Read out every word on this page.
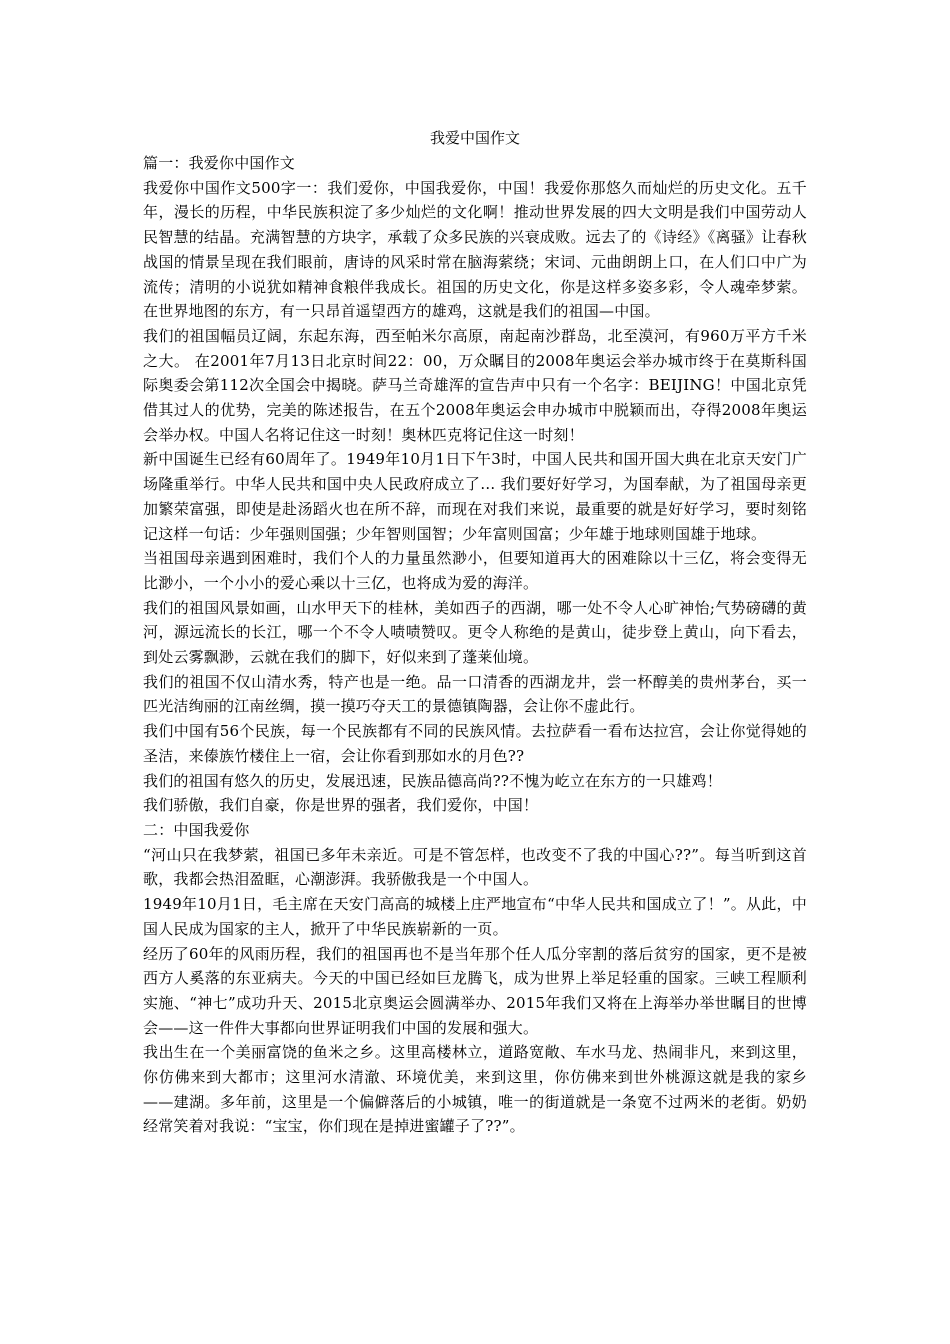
我爱中国作文

篇一：我爱你中国作文

我爱你中国作文500字一：我们爱你，中国我爱你，中国！我爱你那悠久而灿烂的历史文化。五千年，漫长的历程，中华民族积淀了多少灿烂的文化啊！推动世界发展的四大文明是我们中国劳动人民智慧的结晶。充满智慧的方块字，承载了众多民族的兴衰成败。远去了的《诗经》《离骚》让春秋战国的情景呈现在我们眼前，唐诗的风采时常在脑海萦绕；宋词、元曲朗朗上口，在人们口中广为流传；清明的小说犹如精神食粮伴我成长。祖国的历史文化，你是这样多姿多彩，令人魂牵梦萦。 在世界地图的东方，有一只昂首遥望西方的雄鸡，这就是我们的祖国—中国。

我们的祖国幅员辽阔，东起东海，西至帕米尔高原，南起南沙群岛，北至漠河，有960万平方千米之大。 在2001年7月13日北京时间22：00，万众瞩目的2008年奥运会举办城市终于在莫斯科国际奥委会第112次全国会中揭晓。萨马兰奇雄浑的宣告声中只有一个名字：BEIJING！中国北京凭借其过人的优势，完美的陈述报告，在五个2008年奥运会申办城市中脱颖而出，夺得2008年奥运会举办权。中国人名将记住这一时刻！奥林匹克将记住这一时刻！

新中国诞生已经有60周年了。1949年10月1日下午3时，中国人民共和国开国大典在北京天安门广场隆重举行。中华人民共和国中央人民政府成立了… 我们要好好学习，为国奉献，为了祖国母亲更加繁荣富强，即使是赴汤蹈火也在所不辞，而现在对我们来说，最重要的就是好好学习，要时刻铭记这样一句话：少年强则国强；少年智则国智；少年富则国富；少年雄于地球则国雄于地球。

当祖国母亲遇到困难时，我们个人的力量虽然渺小，但要知道再大的困难除以十三亿，将会变得无比渺小，一个小小的爱心乘以十三亿，也将成为爱的海洋。

我们的祖国风景如画，山水甲天下的桂林，美如西子的西湖，哪一处不令人心旷神怡;气势磅礴的黄河，源远流长的长江，哪一个不令人啧啧赞叹。更令人称绝的是黄山，徒步登上黄山，向下看去，到处云雾飘渺，云就在我们的脚下，好似来到了蓬莱仙境。

我们的祖国不仅山清水秀，特产也是一绝。品一口清香的西湖龙井，尝一杯醇美的贵州茅台，买一匹光洁绚丽的江南丝绸，摸一摸巧夺天工的景德镇陶器，会让你不虚此行。

我们中国有56个民族，每一个民族都有不同的民族风情。去拉萨看一看布达拉宫，会让你觉得她的圣洁，来傣族竹楼住上一宿，会让你看到那如水的月色??

我们的祖国有悠久的历史，发展迅速，民族品德高尚??不愧为屹立在东方的一只雄鸡！

我们骄傲，我们自豪，你是世界的强者，我们爱你，中国！

二：中国我爱你

“河山只在我梦萦，祖国已多年未亲近。可是不管怎样，也改变不了我的中国心??”。每当听到这首歌，我都会热泪盈眶，心潮澎湃。我骄傲我是一个中国人。

1949年10月1日，毛主席在天安门高高的城楼上庄严地宣布“中华人民共和国成立了！”。从此，中国人民成为国家的主人，掀开了中华民族崭新的一页。

经历了60年的风雨历程，我们的祖国再也不是当年那个任人瓜分宰割的落后贫穷的国家，更不是被西方人奚落的东亚病夫。今天的中国已经如巨龙腾飞，成为世界上举足轻重的国家。三峡工程顺利实施、“神七”成功升天、2015北京奥运会圆满举办、2015年我们又将在上海举办举世瞩目的世博会——这一件件大事都向世界证明我们中国的发展和强大。

我出生在一个美丽富饶的鱼米之乡。这里高楼林立，道路宽敞、车水马龙、热闹非凡，来到这里，你仿佛来到大都市；这里河水清澈、环境优美，来到这里，你仿佛来到世外桃源这就是我的家乡——建湖。多年前，这里是一个偏僻落后的小城镇，唯一的街道就是一条宽不过两米的老街。奶奶经常笑着对我说：“宝宝，你们现在是掉进蜜罐子了??”。
